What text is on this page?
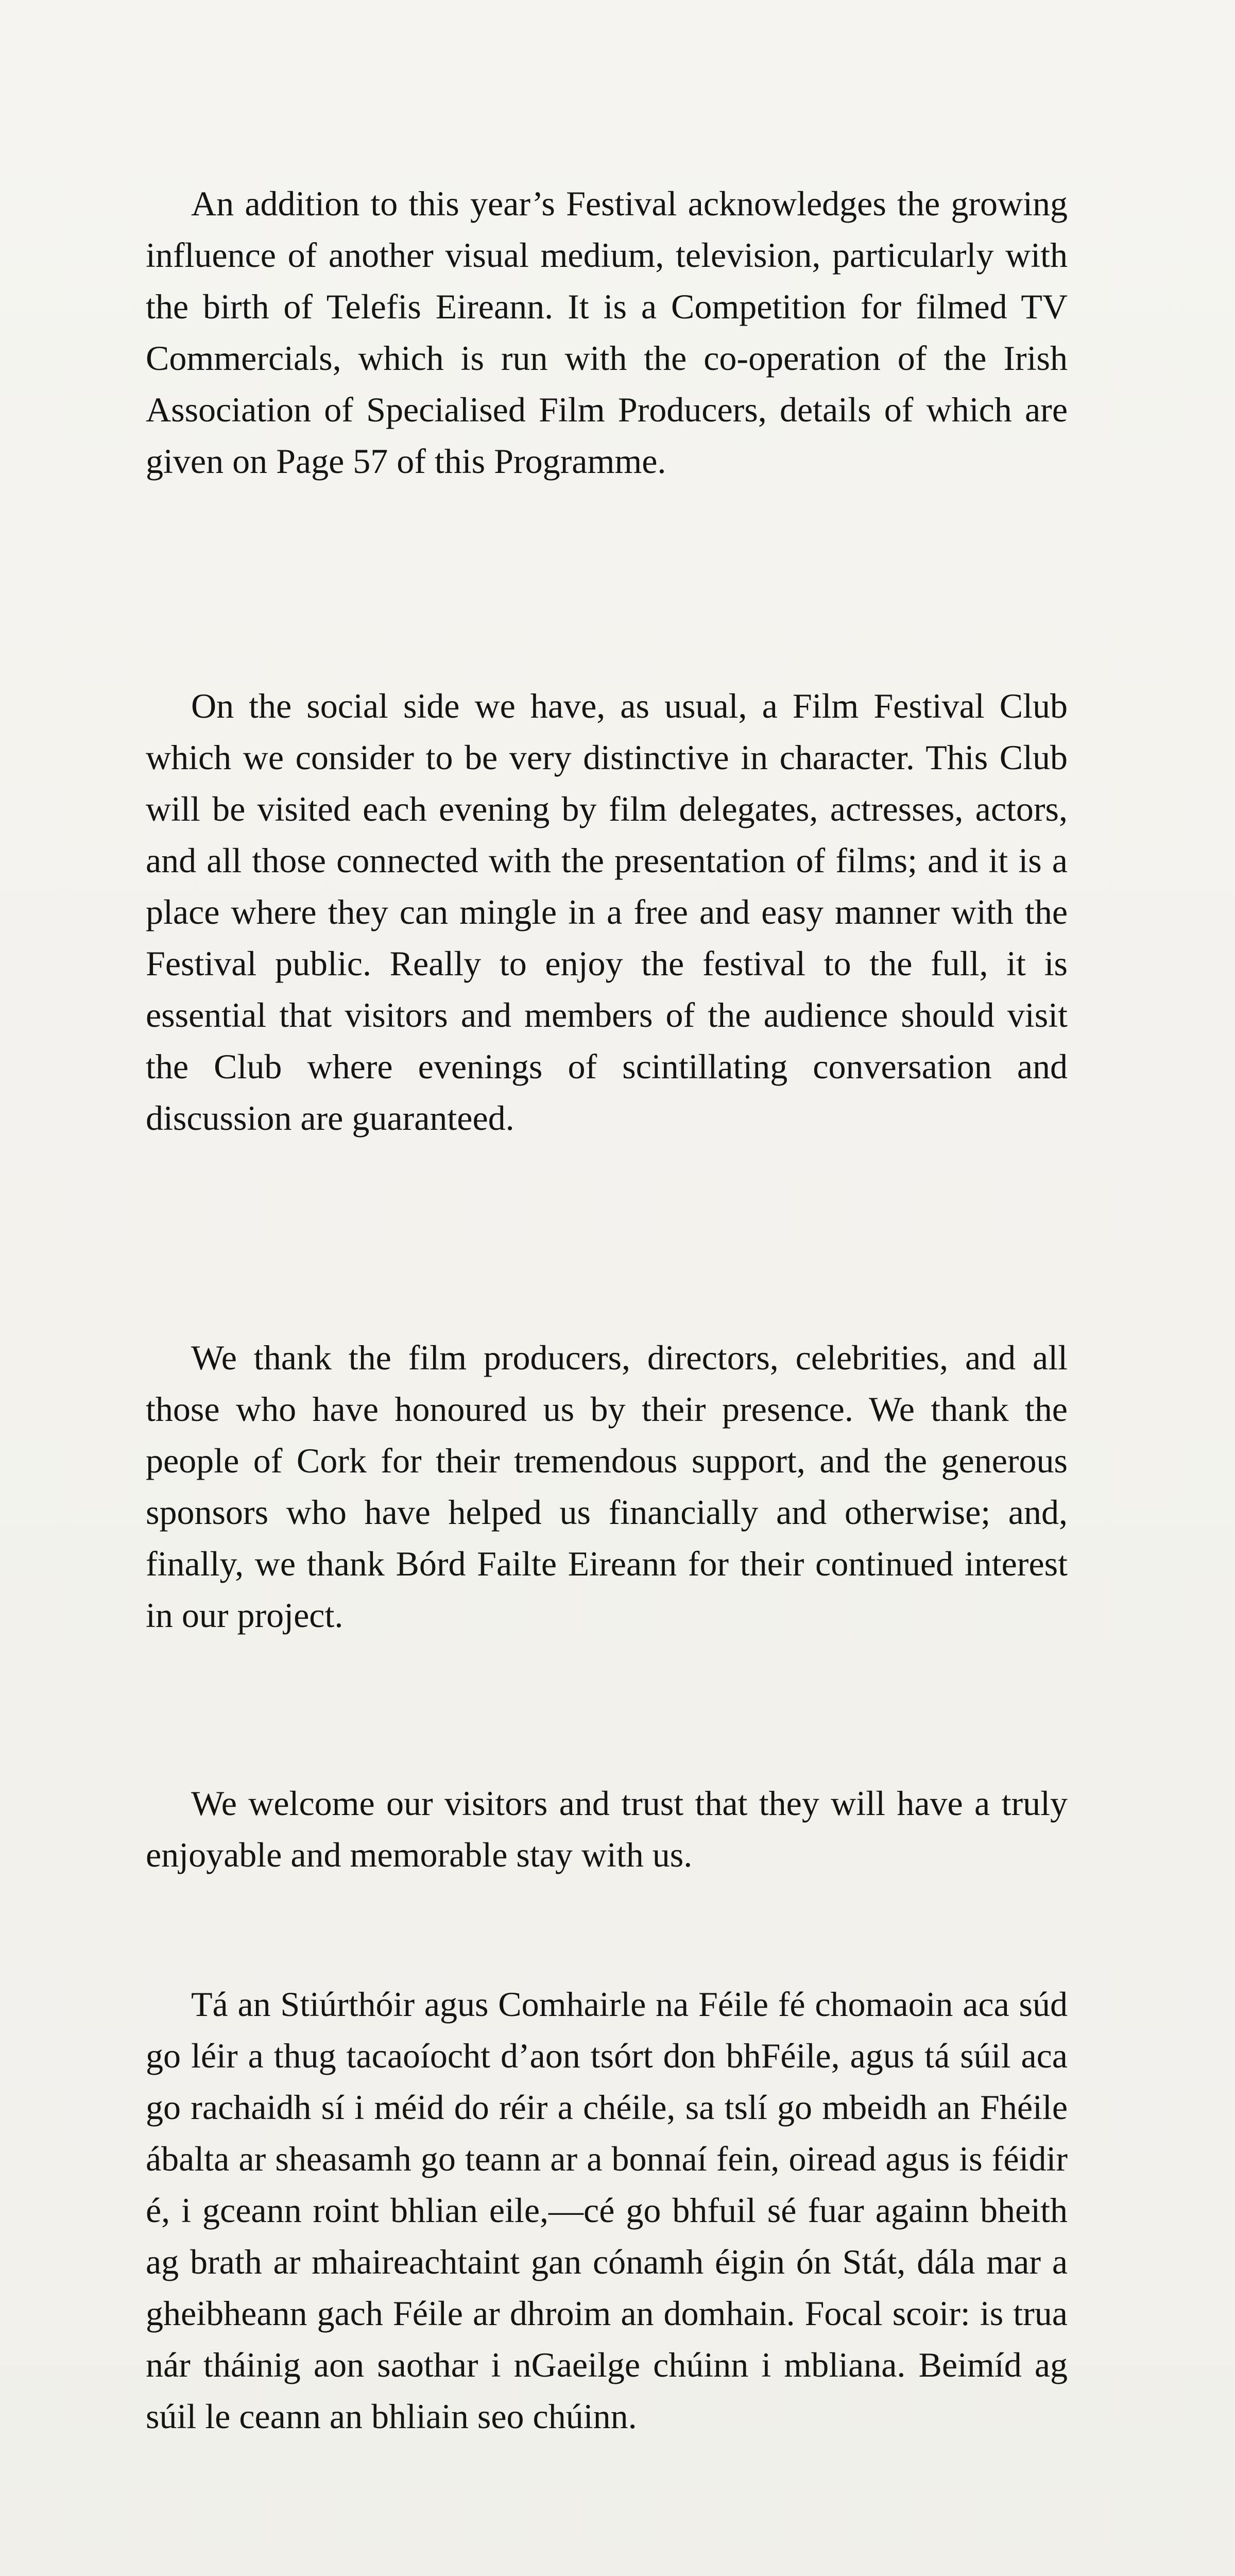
An addition to this year’s Festival acknowledges the growing influence of another visual medium, television, particularly with the birth of Telefis Eireann. It is a Competition for filmed TV Commercials, which is run with the co-operation of the Irish Association of Specialised Film Producers, details of which are given on Page 57 of this Programme.

On the social side we have, as usual, a Film Festival Club which we consider to be very distinctive in character. This Club will be visited each evening by film delegates, actresses, actors, and all those connected with the presentation of films; and it is a place where they can mingle in a free and easy manner with the Festival public. Really to enjoy the festival to the full, it is essential that visitors and members of the audience should visit the Club where evenings of scintillating conversation and discussion are guaranteed.

We thank the film producers, directors, celebrities, and all those who have honoured us by their presence. We thank the people of Cork for their tremendous support, and the generous sponsors who have helped us financially and otherwise; and, finally, we thank Bórd Failte Eireann for their continued interest in our project.

We welcome our visitors and trust that they will have a truly enjoyable and memorable stay with us.

Tá an Stiúrthóir agus Comhairle na Féile fé chomaoin aca súd go léir a thug tacaoíocht d’aon tsórt don bhFéile, agus tá súil aca go rachaidh sí i méid do réir a chéile, sa tslí go mbeidh an Fhéile ábalta ar sheasamh go teann ar a bonnaí fein, oiread agus is féidir é, i gceann roint bhlian eile,—cé go bhfuil sé fuar againn bheith ag brath ar mhaireachtaint gan cónamh éigin ón Stát, dála mar a gheibheann gach Féile ar dhroim an domhain. Focal scoir: is trua nár tháinig aon saothar i nGaeilge chúinn i mbliana. Beimíd ag súil le ceann an bhliain seo chúinn.
